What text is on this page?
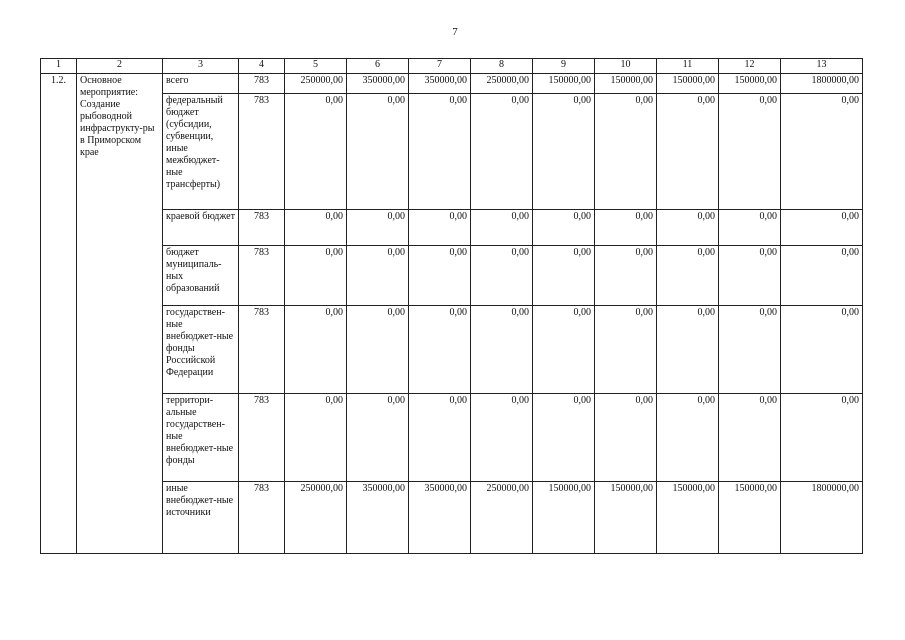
7
1	2	3	4	5	6	7	8	9	10	11	12	13
1.2.	Основное мероприятие: Создание рыбоводной инфраструкту-ры в Приморском крае	всего	783	250000,00	350000,00	350000,00	250000,00	150000,00	150000,00	150000,00	150000,00	1800000,00
		федеральный бюджет (субсидии, субвенции, иные межбюджет-ные трансферты)	783	0,00	0,00	0,00	0,00	0,00	0,00	0,00	0,00	0,00
		краевой бюджет	783	0,00	0,00	0,00	0,00	0,00	0,00	0,00	0,00	0,00
		бюджет муниципаль-ных образований	783	0,00	0,00	0,00	0,00	0,00	0,00	0,00	0,00	0,00
		государствен-ные внебюджет-ные фонды Российской Федерации	783	0,00	0,00	0,00	0,00	0,00	0,00	0,00	0,00	0,00
		территори-альные государствен-ные внебюджет-ные фонды	783	0,00	0,00	0,00	0,00	0,00	0,00	0,00	0,00	0,00
		иные внебюджет-ные источники	783	250000,00	350000,00	350000,00	250000,00	150000,00	150000,00	150000,00	150000,00	1800000,00
